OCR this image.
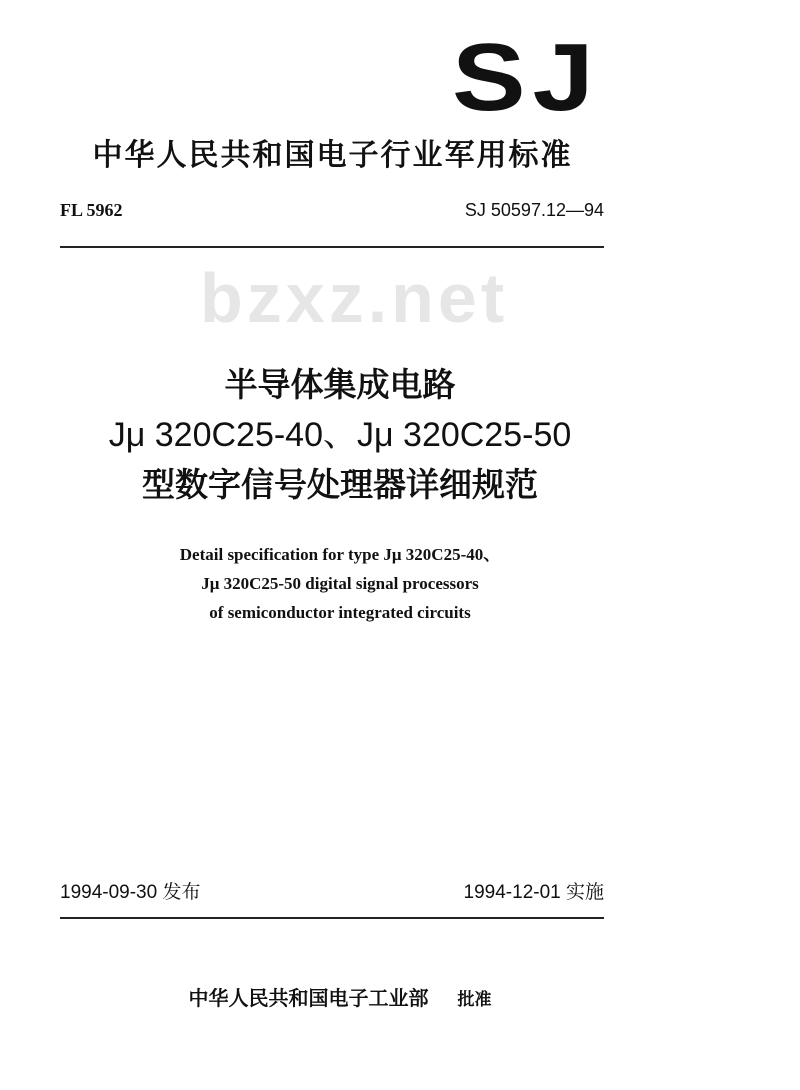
SJ
中华人民共和国电子行业军用标准
FL 5962	SJ 50597.12—94
bzxz.net
半导体集成电路
Jμ 320C25-40、Jμ 320C25-50
型数字信号处理器详细规范
Detail specification for type Jμ 320C25-40、
Jμ 320C25-50 digital signal processors
of semiconductor integrated circuits
1994-09-30 发布	1994-12-01 实施
中华人民共和国电子工业部 批准
